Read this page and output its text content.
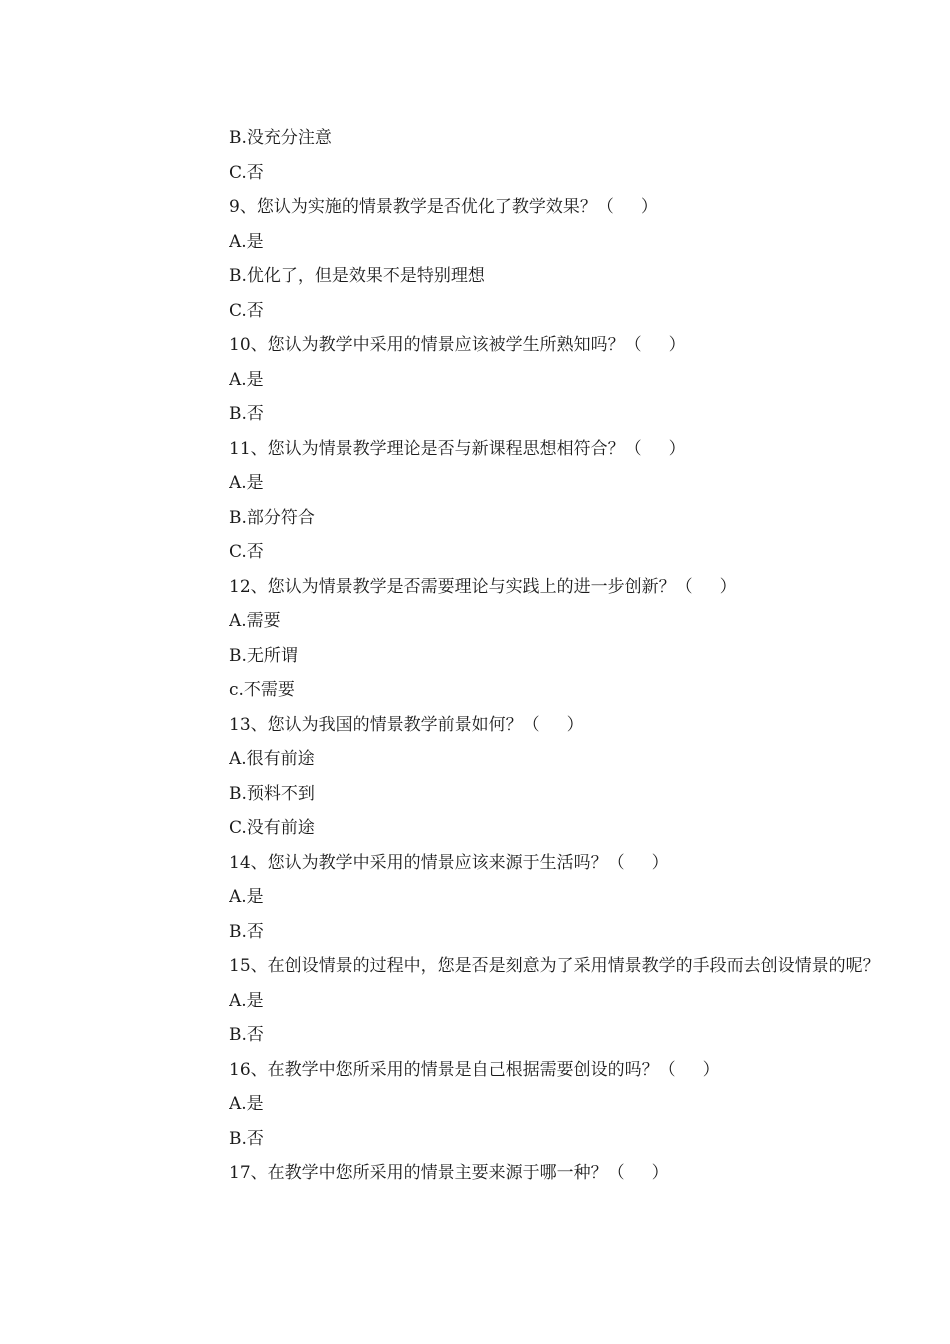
B.没充分注意
C.否
9、您认为实施的情景教学是否优化了教学效果？（     ）
A.是
B.优化了，但是效果不是特别理想
C.否
10、您认为教学中采用的情景应该被学生所熟知吗？（     ）
A.是
B.否
11、您认为情景教学理论是否与新课程思想相符合？（     ）
A.是
B.部分符合
C.否
12、您认为情景教学是否需要理论与实践上的进一步创新？（     ）
A.需要
B.无所谓
c.不需要
13、您认为我国的情景教学前景如何？（     ）
A.很有前途
B.预料不到
C.没有前途
14、您认为教学中采用的情景应该来源于生活吗？（     ）
A.是
B.否
15、在创设情景的过程中，您是否是刻意为了采用情景教学的手段而去创设情景的呢？
A.是
B.否
16、在教学中您所采用的情景是自己根据需要创设的吗？（     ）
A.是
B.否
17、在教学中您所采用的情景主要来源于哪一种？（     ）
